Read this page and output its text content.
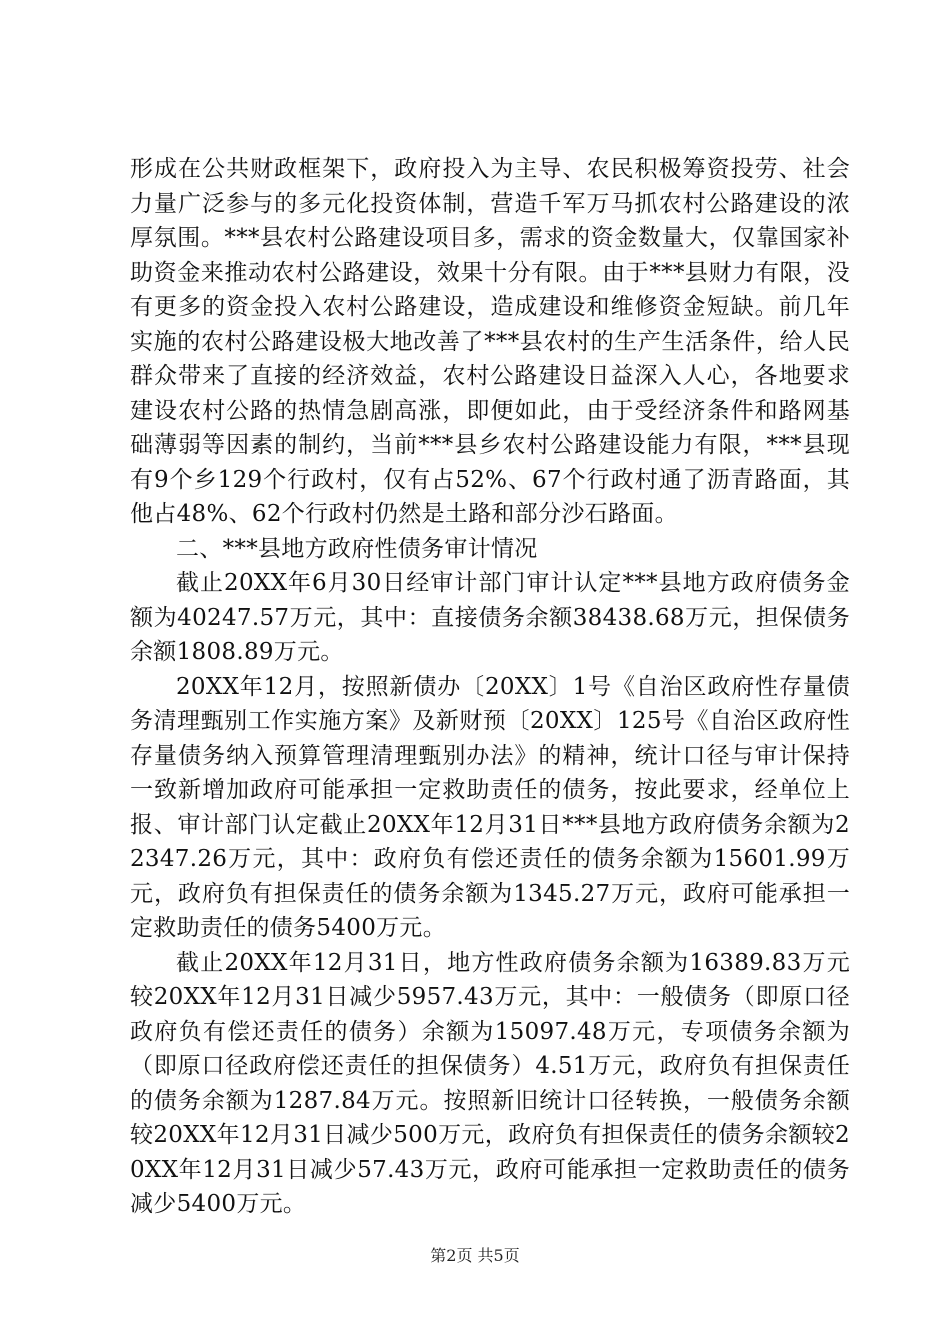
形成在公共财政框架下，政府投入为主导、农民积极筹资投劳、社会力量广泛参与的多元化投资体制，营造千军万马抓农村公路建设的浓厚氛围。***县农村公路建设项目多，需求的资金数量大，仅靠国家补助资金来推动农村公路建设，效果十分有限。由于***县财力有限，没有更多的资金投入农村公路建设，造成建设和维修资金短缺。前几年实施的农村公路建设极大地改善了***县农村的生产生活条件，给人民群众带来了直接的经济效益，农村公路建设日益深入人心，各地要求建设农村公路的热情急剧高涨，即便如此，由于受经济条件和路网基础薄弱等因素的制约，当前***县乡农村公路建设能力有限，***县现有9个乡129个行政村，仅有占52%、67个行政村通了沥青路面，其他占48%、62个行政村仍然是土路和部分沙石路面。

二、***县地方政府性债务审计情况

截止20XX年6月30日经审计部门审计认定***县地方政府债务金额为40247.57万元，其中：直接债务余额38438.68万元，担保债务余额1808.89万元。

20XX年12月，按照新债办〔20XX〕1号《自治区政府性存量债务清理甄别工作实施方案》及新财预〔20XX〕125号《自治区政府性存量债务纳入预算管理清理甄别办法》的精神，统计口径与审计保持一致新增加政府可能承担一定救助责任的债务，按此要求，经单位上报、审计部门认定截止20XX年12月31日***县地方政府债务余额为22347.26万元，其中：政府负有偿还责任的债务余额为15601.99万元，政府负有担保责任的债务余额为1345.27万元，政府可能承担一定救助责任的债务5400万元。

截止20XX年12月31日，地方性政府债务余额为16389.83万元较20XX年12月31日减少5957.43万元，其中：一般债务（即原口径政府负有偿还责任的债务）余额为15097.48万元，专项债务余额为（即原口径政府偿还责任的担保债务）4.51万元，政府负有担保责任的债务余额为1287.84万元。按照新旧统计口径转换，一般债务余额较20XX年12月31日减少500万元，政府负有担保责任的债务余额较20XX年12月31日减少57.43万元，政府可能承担一定救助责任的债务减少5400万元。

第2页 共5页
